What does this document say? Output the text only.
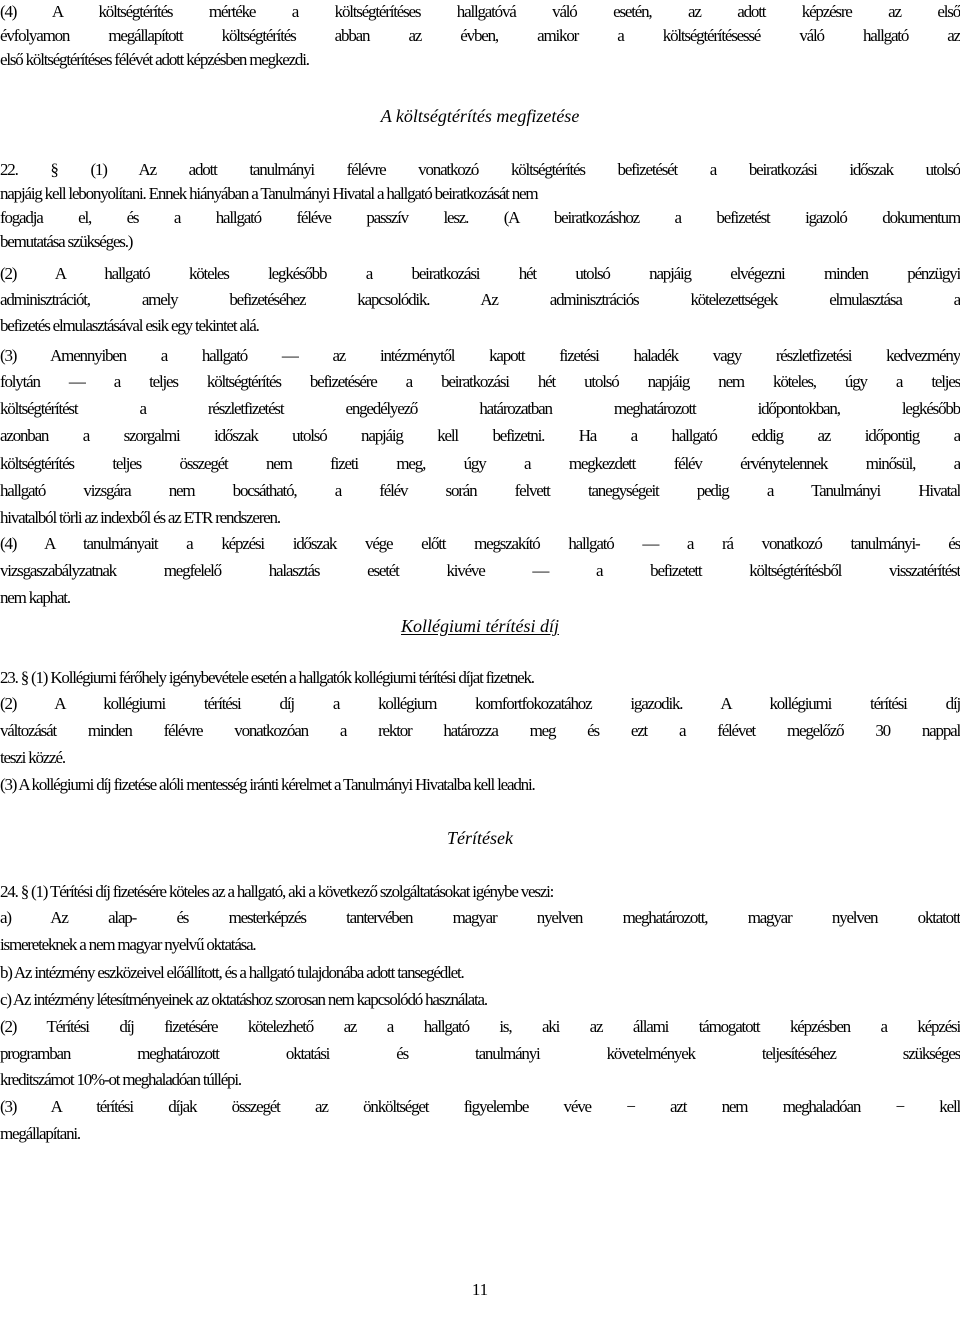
(4) A költségtérítés mértéke a költségtérítéses hallgatóvá váló esetén, az adott képzésre az első
évfolyamon megállapított költségtérítés abban az évben, amikor a költségtérítésessé váló hallgató az
első költségtérítéses félévét adott képzésben megkezdi.
A költségtérítés megfizetése
22. § (1) Az adott tanulmányi félévre vonatkozó költségtérítés befizetését a beiratkozási időszak utolsó
napjáig kell lebonyolítani. Ennek hiányában a Tanulmányi Hivatal a hallgató beiratkozását nem
fogadja el, és a hallgató féléve passzív lesz. (A beiratkozáshoz a befizetést igazoló dokumentum
bemutatása szükséges.)
(2) A hallgató köteles legkésőbb a beiratkozási hét utolsó napjáig elvégezni minden pénzügyi
adminisztrációt, amely befizetéséhez kapcsolódik. Az adminisztrációs kötelezettségek elmulasztása a
befizetés elmulasztásával esik egy tekintet alá.
(3) Amennyiben a hallgató ― az intézménytől kapott fizetési haladék vagy részletfizetési kedvezmény
folytán ― a teljes költségtérítés befizetésére a beiratkozási hét utolsó napjáig nem köteles, úgy a teljes
költségtérítést a részletfizetést engedélyező határozatban meghatározott időpontokban, legkésőbb
azonban a szorgalmi időszak utolsó napjáig kell befizetni. Ha a hallgató eddig az időpontig a
költségtérítés teljes összegét nem fizeti meg, úgy a megkezdett félév érvénytelennek minősül, a
hallgató vizsgára nem bocsátható, a félév során felvett tanegységeit pedig a Tanulmányi Hivatal
hivatalból törli az indexből és az ETR rendszeren.
(4) A tanulmányait a képzési időszak vége előtt megszakító hallgató ― a rá vonatkozó tanulmányi- és
vizsgaszabályzatnak megfelelő halasztás esetét kivéve ― a befizetett költségtérítésből visszatérítést
nem kaphat.
Kollégiumi térítési díj
23. § (1) Kollégiumi férőhely igénybevétele esetén a hallgatók kollégiumi térítési díjat fizetnek.
(2) A kollégiumi térítési díj a kollégium komfortfokozatához igazodik. A kollégiumi térítési díj
változását minden félévre vonatkozóan a rektor határozza meg és ezt a félévet megelőző 30 nappal
teszi közzé.
(3) A kollégiumi díj fizetése alóli mentesség iránti kérelmet a Tanulmányi Hivatalba kell leadni.
Térítések
24. § (1) Térítési díj fizetésére köteles az a hallgató, aki a következő szolgáltatásokat igénybe veszi:
a) Az alap- és mesterképzés tantervében magyar nyelven meghatározott, magyar nyelven oktatott
ismereteknek a nem magyar nyelvű oktatása.
b) Az intézmény eszközeivel előállított, és a hallgató tulajdonába adott tansegédlet.
c) Az intézmény létesítményeinek az oktatáshoz szorosan nem kapcsolódó használata.
(2) Térítési díj fizetésére kötelezhető az a hallgató is, aki az állami támogatott képzésben a képzési
programban meghatározott oktatási és tanulmányi követelmények teljesítéséhez szükséges
kreditszámot 10%-ot meghaladóan túllépi.
(3) A térítési díjak összegét az önköltséget figyelembe véve − azt nem meghaladóan − kell
megállapítani.
11
